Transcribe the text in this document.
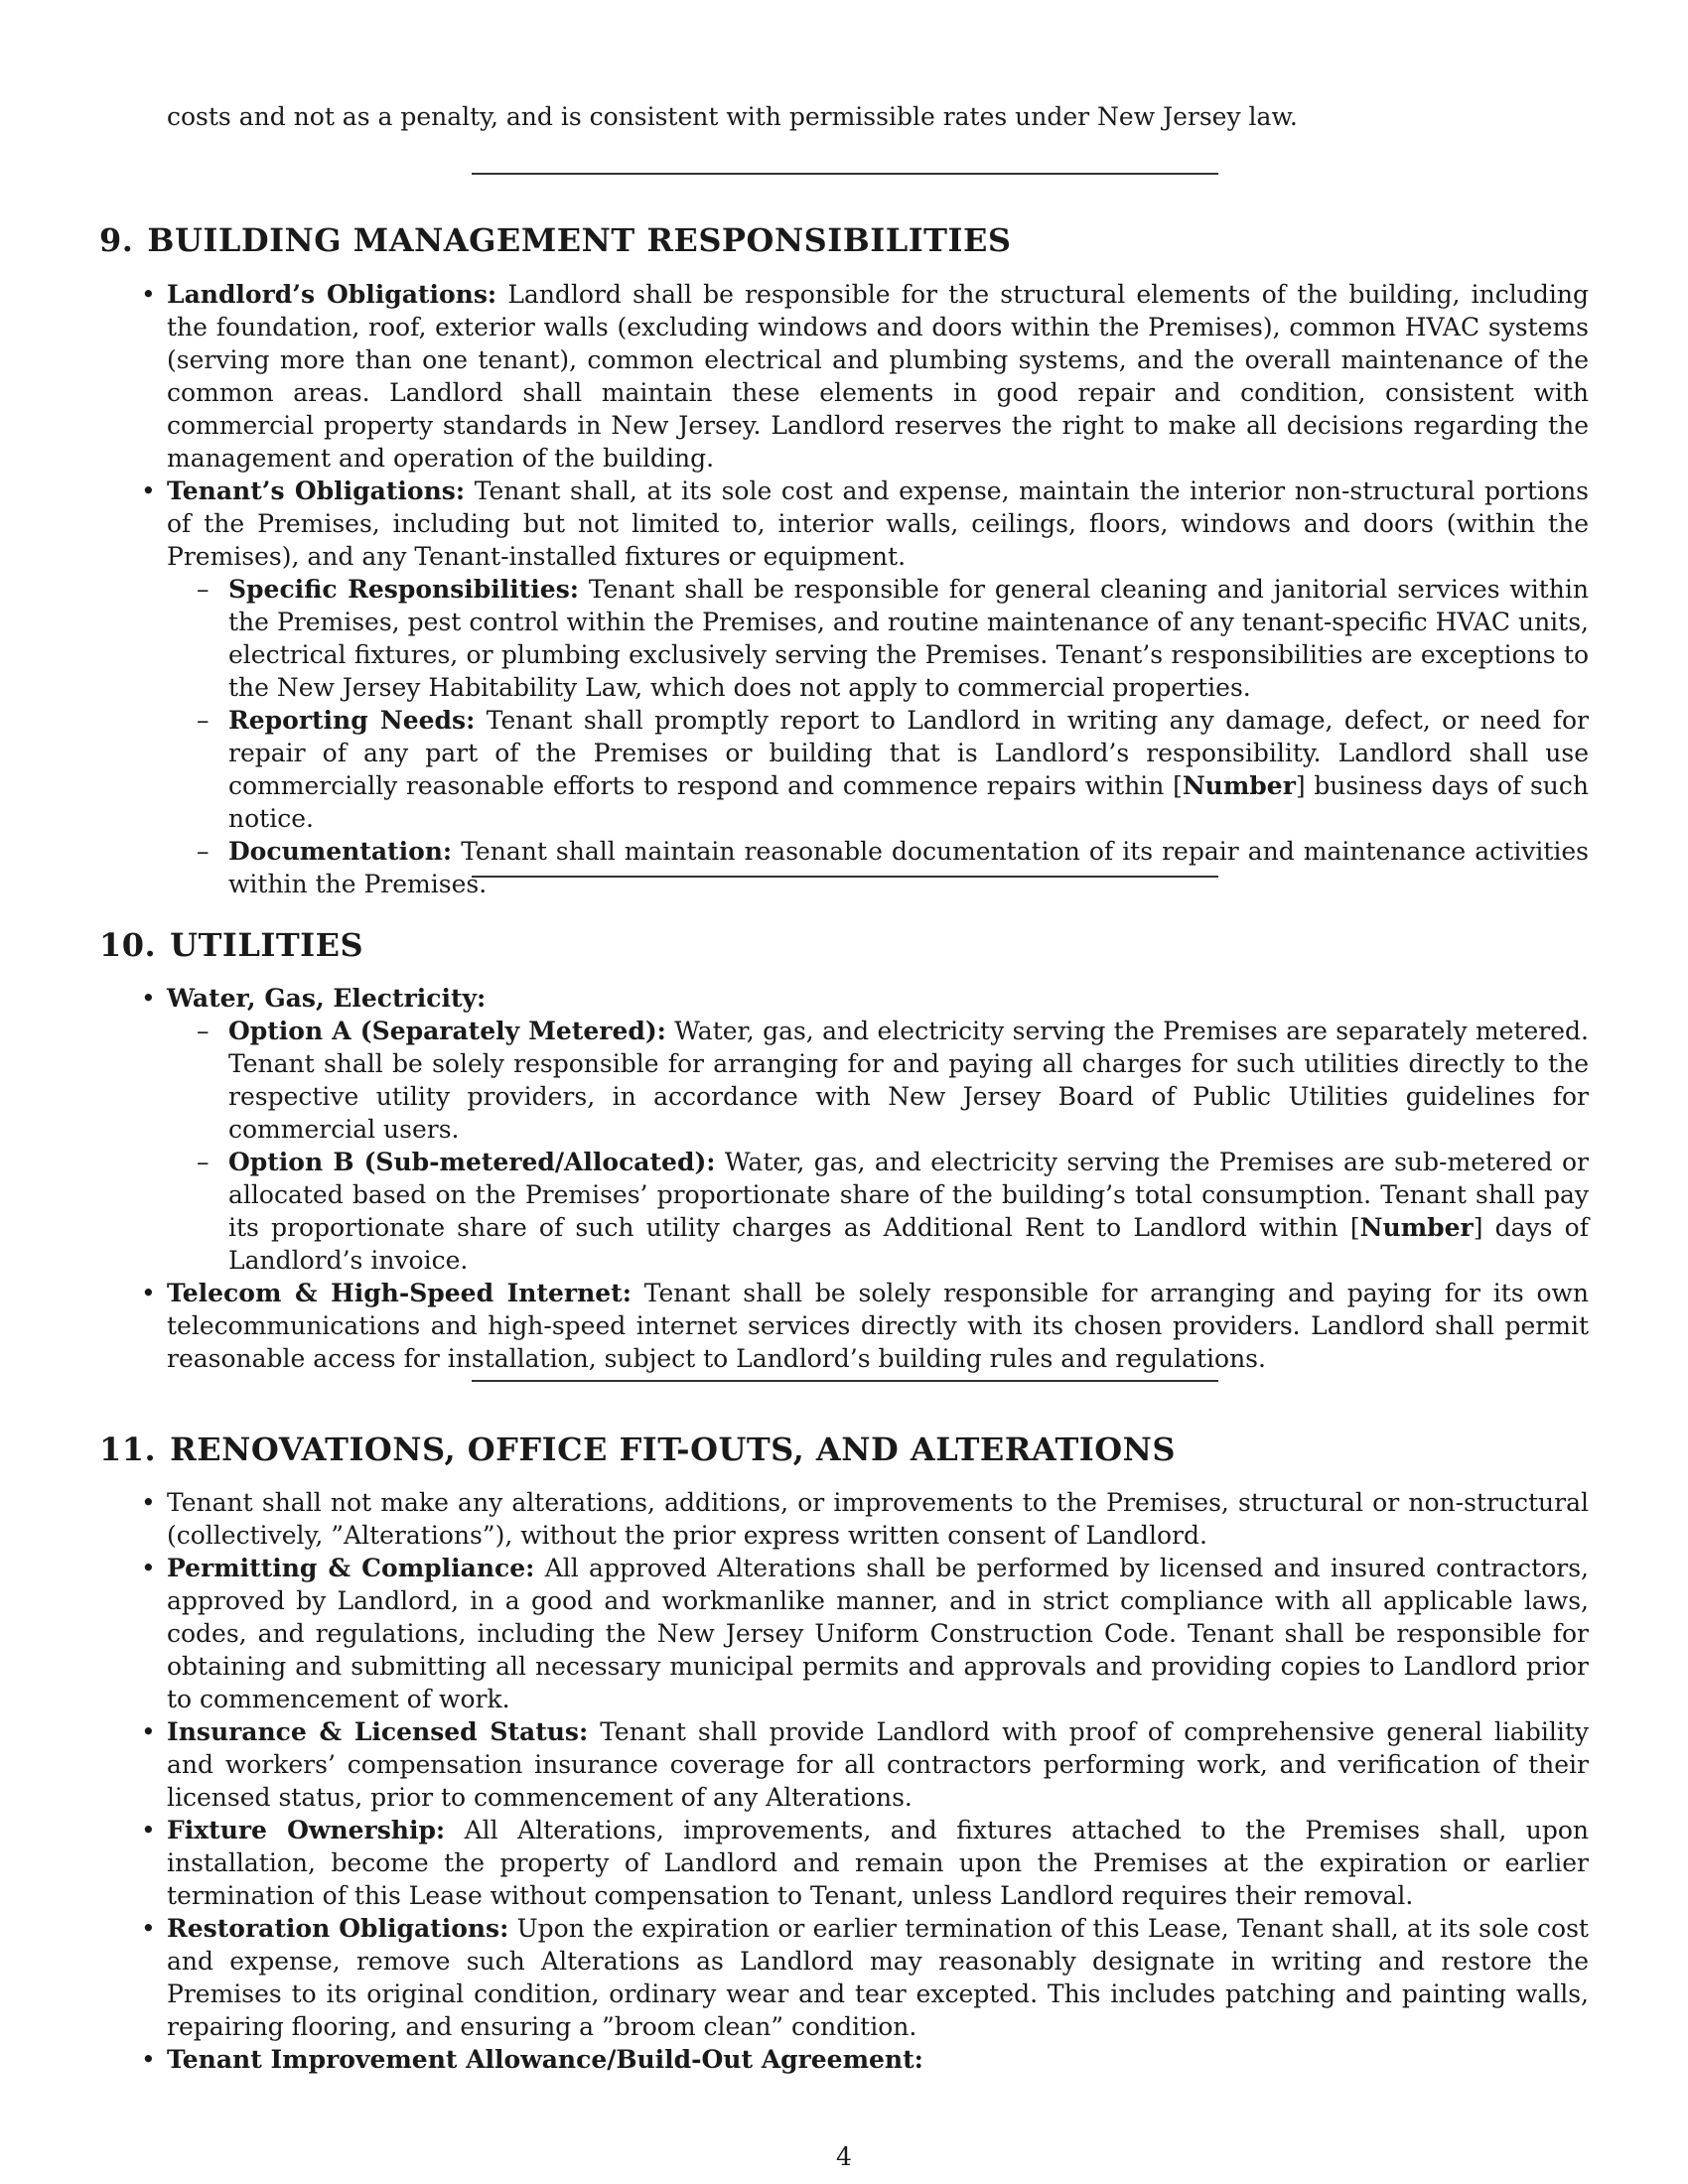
costs and not as a penalty, and is consistent with permissible rates under New Jersey law.

9. BUILDING MANAGEMENT RESPONSIBILITIES
• Landlord’s Obligations: Landlord shall be responsible for the structural elements of the building, including the foundation, roof, exterior walls (excluding windows and doors within the Premises), common HVAC systems (serving more than one tenant), common electrical and plumbing systems, and the overall maintenance of the common areas. Landlord shall maintain these elements in good repair and condition, consistent with commercial property standards in New Jersey. Landlord reserves the right to make all decisions regarding the management and operation of the building.
• Tenant’s Obligations: Tenant shall, at its sole cost and expense, maintain the interior non-structural portions of the Premises, including but not limited to, interior walls, ceilings, floors, windows and doors (within the Premises), and any Tenant-installed fixtures or equipment.
– Specific Responsibilities: Tenant shall be responsible for general cleaning and janitorial services within the Premises, pest control within the Premises, and routine maintenance of any tenant-specific HVAC units, electrical fixtures, or plumbing exclusively serving the Premises. Tenant’s responsibilities are exceptions to the New Jersey Habitability Law, which does not apply to commercial properties.
– Reporting Needs: Tenant shall promptly report to Landlord in writing any damage, defect, or need for repair of any part of the Premises or building that is Landlord’s responsibility. Landlord shall use commercially reasonable efforts to respond and commence repairs within [Number] business days of such notice.
– Documentation: Tenant shall maintain reasonable documentation of its repair and maintenance activities within the Premises.
10. UTILITIES
• Water, Gas, Electricity:
– Option A (Separately Metered): Water, gas, and electricity serving the Premises are separately metered. Tenant shall be solely responsible for arranging for and paying all charges for such utilities directly to the respective utility providers, in accordance with New Jersey Board of Public Utilities guidelines for commercial users.
– Option B (Sub-metered/Allocated): Water, gas, and electricity serving the Premises are sub-metered or allocated based on the Premises’ proportionate share of the building’s total consumption. Tenant shall pay its proportionate share of such utility charges as Additional Rent to Landlord within [Number] days of Landlord’s invoice.
• Telecom & High-Speed Internet: Tenant shall be solely responsible for arranging and paying for its own telecommunications and high-speed internet services directly with its chosen providers. Landlord shall permit reasonable access for installation, subject to Landlord’s building rules and regulations.
11. RENOVATIONS, OFFICE FIT-OUTS, AND ALTERATIONS
• Tenant shall not make any alterations, additions, or improvements to the Premises, structural or non-structural (collectively, ”Alterations”), without the prior express written consent of Landlord.
• Permitting & Compliance: All approved Alterations shall be performed by licensed and insured contractors, approved by Landlord, in a good and workmanlike manner, and in strict compliance with all applicable laws, codes, and regulations, including the New Jersey Uniform Construction Code. Tenant shall be responsible for obtaining and submitting all necessary municipal permits and approvals and providing copies to Landlord prior to commencement of work.
• Insurance & Licensed Status: Tenant shall provide Landlord with proof of comprehensive general liability and workers’ compensation insurance coverage for all contractors performing work, and verification of their licensed status, prior to commencement of any Alterations.
• Fixture Ownership: All Alterations, improvements, and fixtures attached to the Premises shall, upon installation, become the property of Landlord and remain upon the Premises at the expiration or earlier termination of this Lease without compensation to Tenant, unless Landlord requires their removal.
• Restoration Obligations: Upon the expiration or earlier termination of this Lease, Tenant shall, at its sole cost and expense, remove such Alterations as Landlord may reasonably designate in writing and restore the Premises to its original condition, ordinary wear and tear excepted. This includes patching and painting walls, repairing flooring, and ensuring a ”broom clean” condition.
• Tenant Improvement Allowance/Build-Out Agreement:
4
